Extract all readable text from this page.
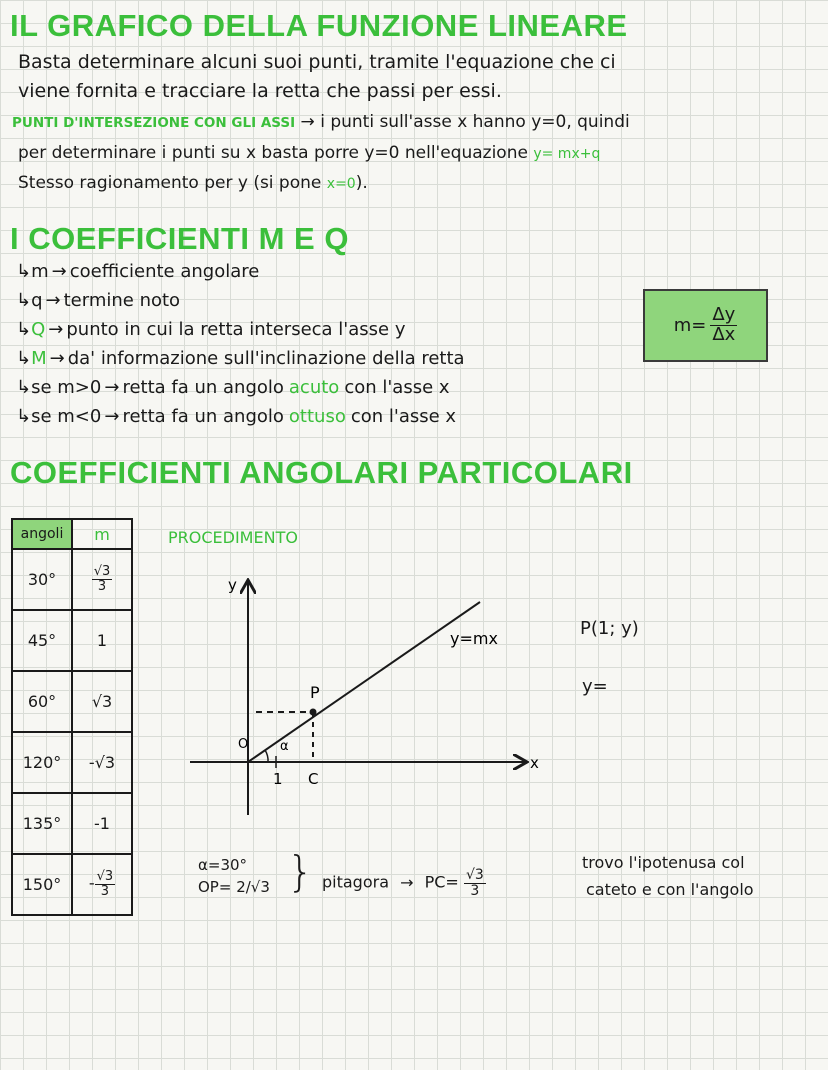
IL GRAFICO DELLA FUNZIONE LINEARE
Basta determinare alcuni suoi punti, tramite l'equazione che ci
viene fornita e tracciare la retta che passi per essi.
PUNTI D'INTERSEZIONE CON GLI ASSI → i punti sull'asse x hanno y=0, quindi
per determinare i punti su x basta porre y=0 nell'equazione y= mx+q
Stesso ragionamento per y (si pone x=0).
I COEFFICIENTI M E Q
↳m → coefficiente angolare
↳q → termine noto
↳Q → punto in cui la retta interseca l'asse y
↳M → da' informazione sull'inclinazione della retta
↳se m>0 → retta fa un angolo acuto con l'asse x
↳se m<0 → retta fa un angolo ottuso con l'asse x
$m= \frac{\Delta y}{\Delta x}$
COEFFICIENTI ANGOLARI PARTICOLARI
angoli	m
30°	$\frac{√3}{3}$

45°	1
60°	√3
120°	-√3
135°	-1
150°	- $\frac{√3}{3}$
PROCEDIMENTO
P
O α
1 C
y
x
y=mx	P(1; y)
y=
α=30°
OP= 2/√3 } pitagora → $PC= \frac{√3}{3}$
trovo l'ipotenusa col
cateto e con l'angolo
